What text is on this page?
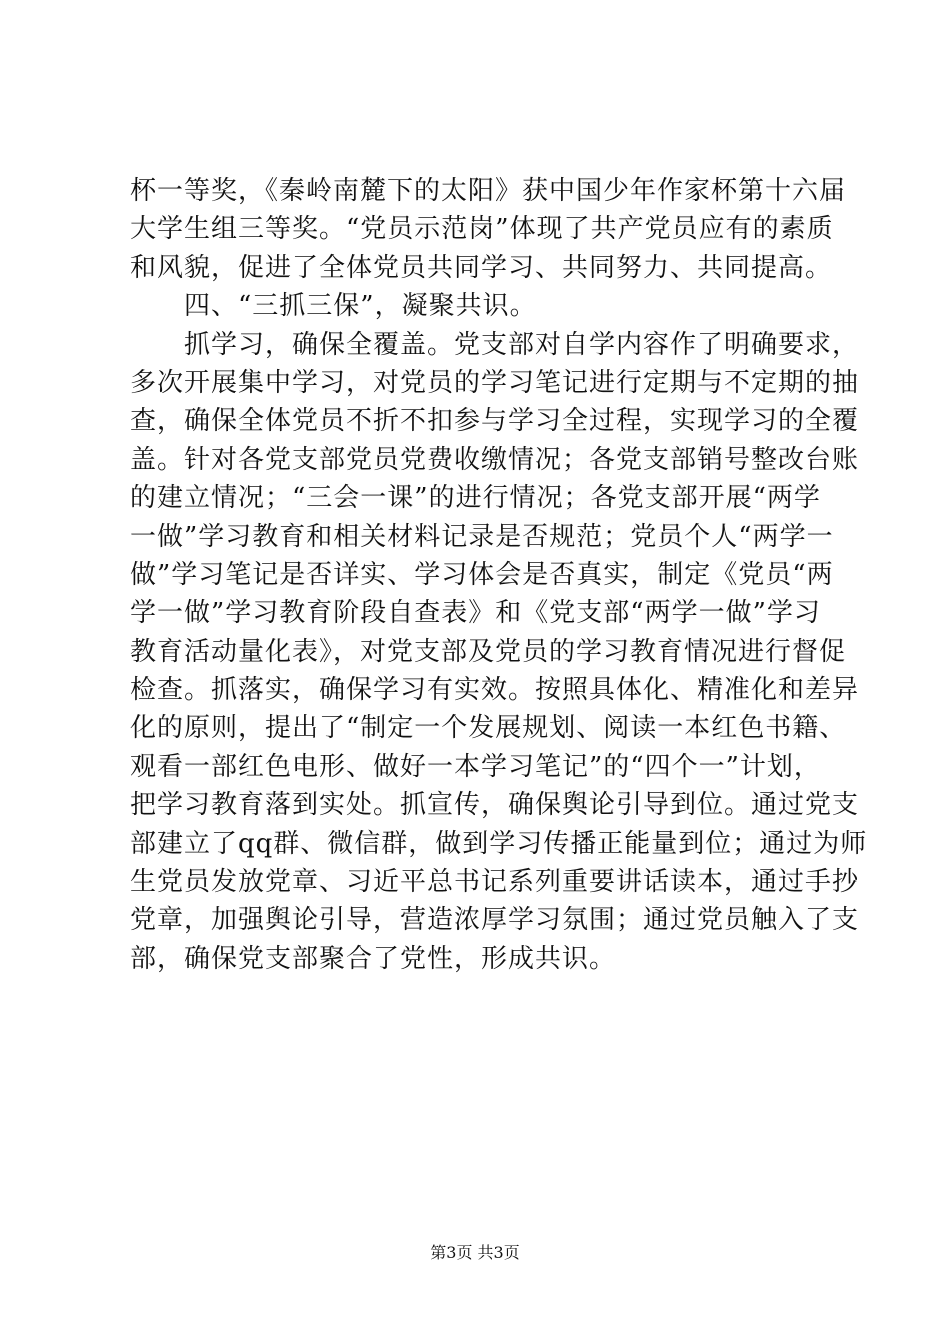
杯一等奖，《秦岭南麓下的太阳》获中国少年作家杯第十六届
大学生组三等奖。“党员示范岗”体现了共产党员应有的素质
和风貌，促进了全体党员共同学习、共同努力、共同提高。
四、“三抓三保”，凝聚共识。
抓学习，确保全覆盖。党支部对自学内容作了明确要求，
多次开展集中学习，对党员的学习笔记进行定期与不定期的抽
查，确保全体党员不折不扣参与学习全过程，实现学习的全覆
盖。针对各党支部党员党费收缴情况；各党支部销号整改台账
的建立情况；“三会一课”的进行情况；各党支部开展“两学
一做”学习教育和相关材料记录是否规范；党员个人“两学一
做”学习笔记是否详实、学习体会是否真实，制定《党员“两
学一做”学习教育阶段自查表》和《党支部“两学一做”学习
教育活动量化表》，对党支部及党员的学习教育情况进行督促
检查。抓落实，确保学习有实效。按照具体化、精准化和差异
化的原则，提出了“制定一个发展规划、阅读一本红色书籍、
观看一部红色电形、做好一本学习笔记”的“四个一”计划，
把学习教育落到实处。抓宣传，确保舆论引导到位。通过党支
部建立了qq群、微信群，做到学习传播正能量到位；通过为师
生党员发放党章、习近平总书记系列重要讲话读本，通过手抄
党章，加强舆论引导，营造浓厚学习氛围；通过党员触入了支
部，确保党支部聚合了党性，形成共识。
第3页 共3页
